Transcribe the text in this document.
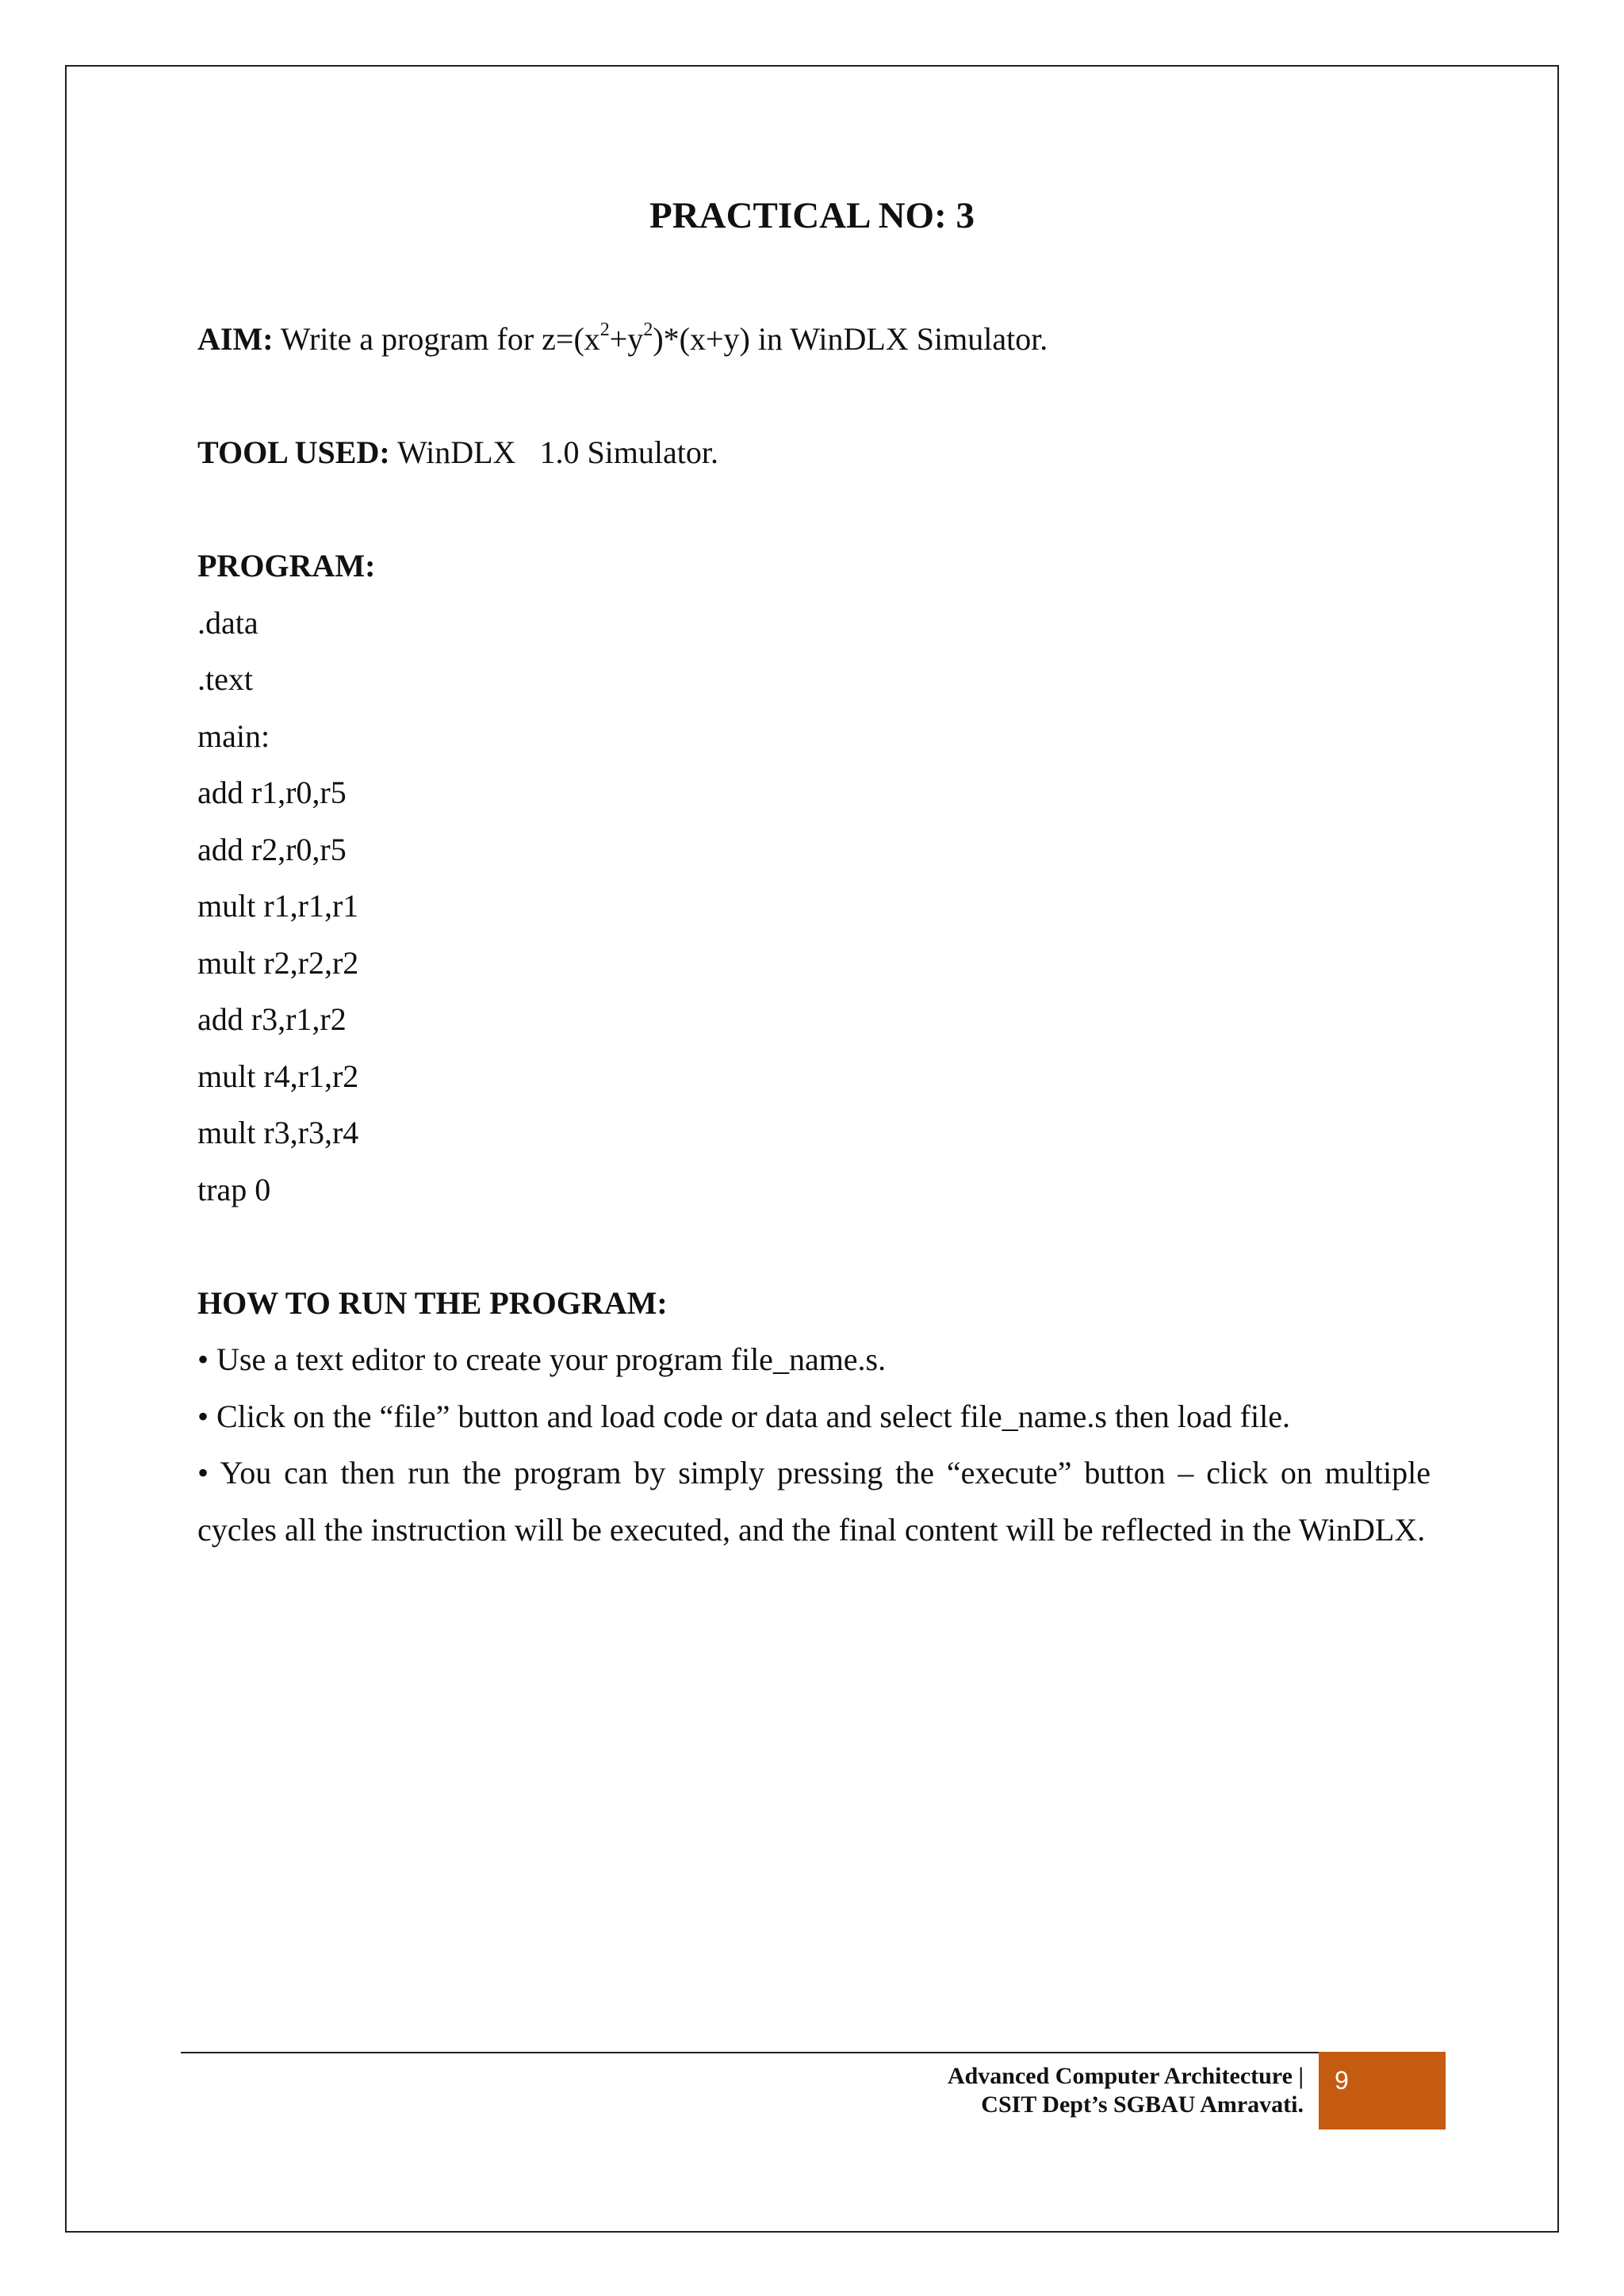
PRACTICAL NO: 3
AIM: Write a program for $z=(x^2+y^2)*(x+y)$ in WinDLX Simulator.
TOOL USED: WinDLX   1.0 Simulator.
PROGRAM:
.data
.text
main:
add r1,r0,r5
add r2,r0,r5
mult r1,r1,r1
mult r2,r2,r2
add r3,r1,r2
mult r4,r1,r2
mult r3,r3,r4
trap 0
HOW TO RUN THE PROGRAM:
• Use a text editor to create your program file_name.s.
• Click on the “file” button and load code or data and select file_name.s then load file.
• You can then run the program by simply pressing the “execute” button – click on multiple cycles all the instruction will be executed, and the final content will be reflected in the WinDLX.
Advanced Computer Architecture |
CSIT Dept’s SGBAU Amravati.
9
